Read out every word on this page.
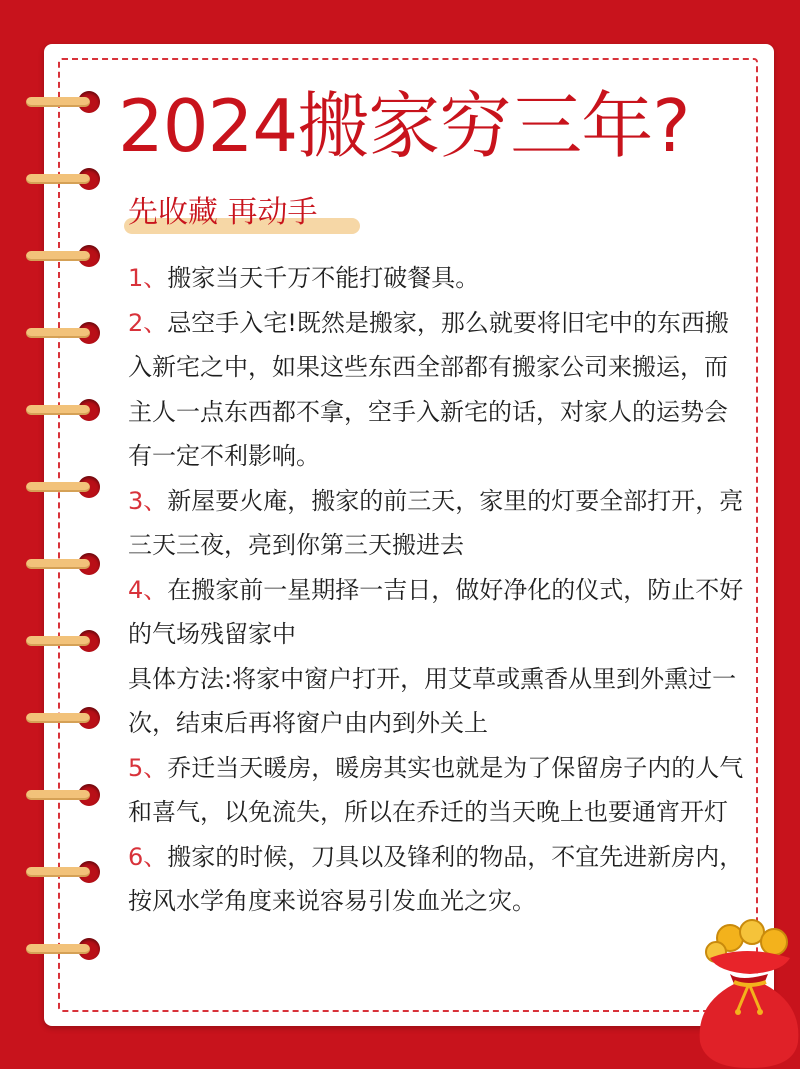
2024搬家穷三年?
先收藏 再动手

1、搬家当天千万不能打破餐具。

2、忌空手入宅!既然是搬家，那么就要将旧宅中的东西搬入新宅之中，如果这些东西全部都有搬家公司来搬运，而主人一点东西都不拿，空手入新宅的话，对家人的运势会有一定不利影响。

3、新屋要火庵，搬家的前三天，家里的灯要全部打开，亮三天三夜，亮到你第三天搬进去

4、在搬家前一星期择一吉日，做好净化的仪式，防止不好的气场残留家中

具体方法:将家中窗户打开，用艾草或熏香从里到外熏过一次，结束后再将窗户由内到外关上

5、乔迁当天暖房，暖房其实也就是为了保留房子内的人气和喜气，以免流失，所以在乔迁的当天晚上也要通宵开灯

6、搬家的时候，刀具以及锋利的物品，不宜先进新房内，按风水学角度来说容易引发血光之灾。
